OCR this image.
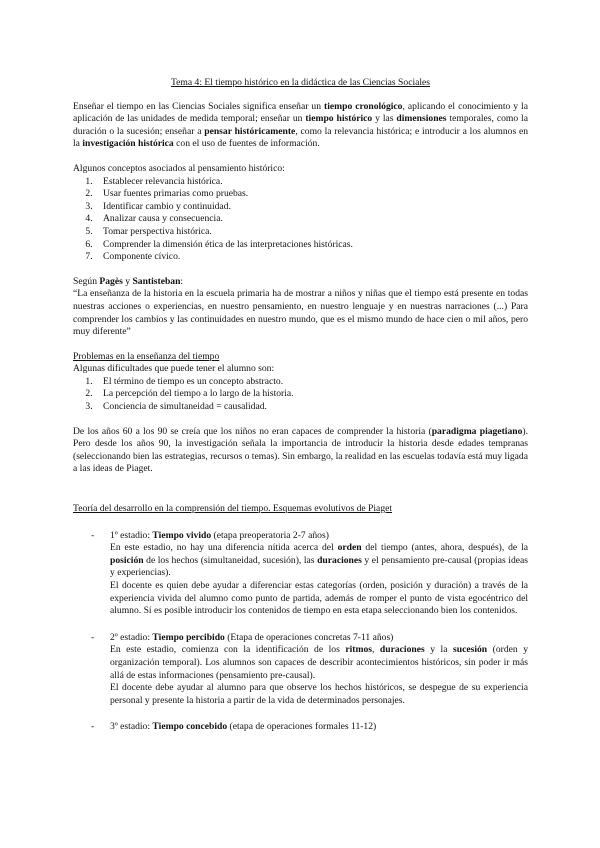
Tema 4: El tiempo histórico en la didáctica de las Ciencias Sociales

Enseñar el tiempo en las Ciencias Sociales significa enseñar un tiempo cronológico, aplicando el conocimiento y la aplicación de las unidades de medida temporal; enseñar un tiempo histórico y las dimensiones temporales, como la duración o la sucesión; enseñar a pensar históricamente, como la relevancia histórica; e introducir a los alumnos en la investigación histórica con el uso de fuentes de información.

Algunos conceptos asociados al pensamiento histórico:

1. Establecer relevancia histórica.
2. Usar fuentes primarias como pruebas.
3. Identificar cambio y continuidad.
4. Analizar causa y consecuencia.
5. Tomar perspectiva histórica.
6. Comprender la dimensión ética de las interpretaciones históricas.
7. Componente cívico.

Según Pagès y Santisteban:

“La enseñanza de la historia en la escuela primaria ha de mostrar a niños y niñas que el tiempo está presente en todas nuestras acciones o experiencias, en nuestro pensamiento, en nuestro lenguaje y en nuestras narraciones (...) Para comprender los cambios y las continuidades en nuestro mundo, que es el mismo mundo de hace cien o mil años, pero muy diferente”

Problemas en la enseñanza del tiempo

Algunas dificultades que puede tener el alumno son:

1. El término de tiempo es un concepto abstracto.
2. La percepción del tiempo a lo largo de la historia.
3. Conciencia de simultaneidad = causalidad.

De los años 60 a los 90 se creía que los niños no eran capaces de comprender la historia (paradigma piagetiano). Pero desde los años 90, la investigación señala la importancia de introducir la historia desde edades tempranas (seleccionando bien las estrategias, recursos o temas). Sin embargo, la realidad en las escuelas todavía está muy ligada a las ideas de Piaget.

Teoría del desarrollo en la comprensión del tiempo. Esquemas evolutivos de Piaget

-	1º estadio: Tiempo vivido (etapa preoperatoria 2-7 años)

En este estadio, no hay una diferencia nítida acerca del orden del tiempo (antes, ahora, después), de la posición de los hechos (simultaneidad, sucesión), las duraciones y el pensamiento pre-causal (propias ideas y experiencias).

El docente es quien debe ayudar a diferenciar estas categorías (orden, posición y duración) a través de la experiencia vivida del alumno como punto de partida, además de romper el punto de vista egocéntrico del alumno. Sí es posible introducir los contenidos de tiempo en esta etapa seleccionando bien los contenidos.

-	2º estadio: Tiempo percibido (Etapa de operaciones concretas 7-11 años)

En este estadio, comienza con la identificación de los ritmos, duraciones y la sucesión (orden y organización temporal). Los alumnos son capaces de describir acontecimientos históricos, sin poder ir más allá de estas informaciones (pensamiento pre-causal).

El docente debe ayudar al alumno para que observe los hechos históricos, se despegue de su experiencia personal y presente la historia a partir de la vida de determinados personajes.

-	3º estadio: Tiempo concebido (etapa de operaciones formales 11-12)
